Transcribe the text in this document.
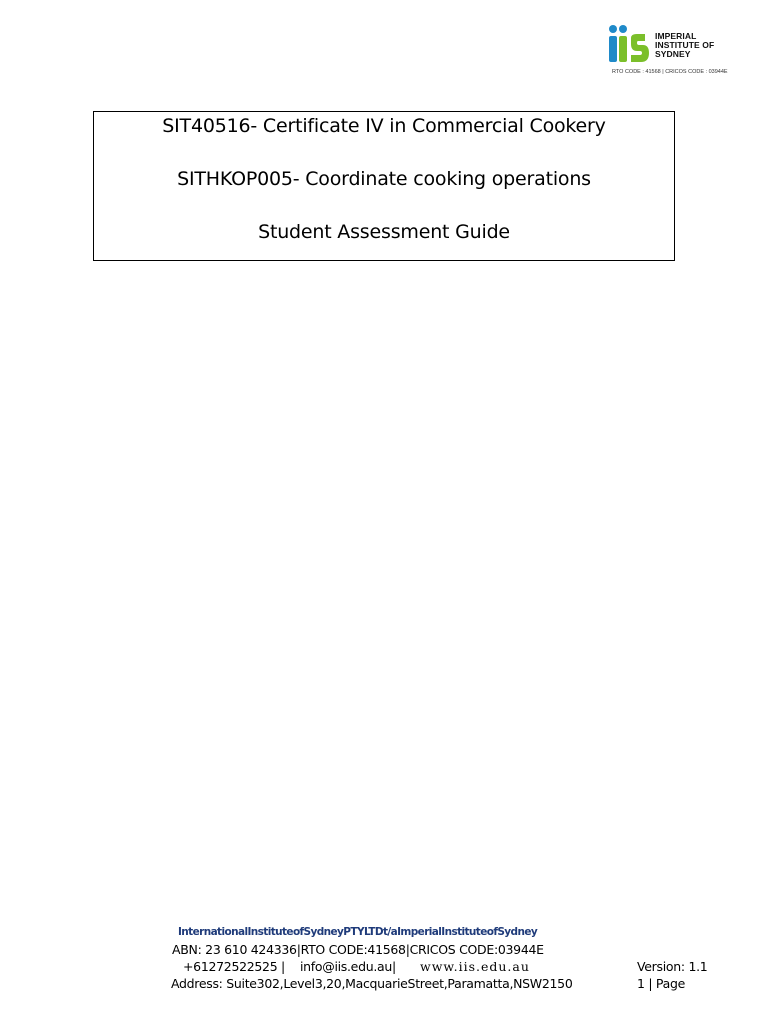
IMPERIAL
INSTITUTE OF
SYDNEY
RTO CODE : 41568 | CRICOS CODE : 03944E
SIT40516- Certificate IV in Commercial Cookery
SITHKOP005- Coordinate cooking operations
Student Assessment Guide
InternationalInstituteofSydneyPTYLTDt/aImperialInstituteofSydney
ABN: 23 610 424336|RTO CODE:41568|CRICOS CODE:03944E
+61272522525 | info@iis.edu.au| www.iis.edu.au
Address: Suite302,Level3,20,MacquarieStreet,Paramatta,NSW2150
Version: 1.1
1 | Page
